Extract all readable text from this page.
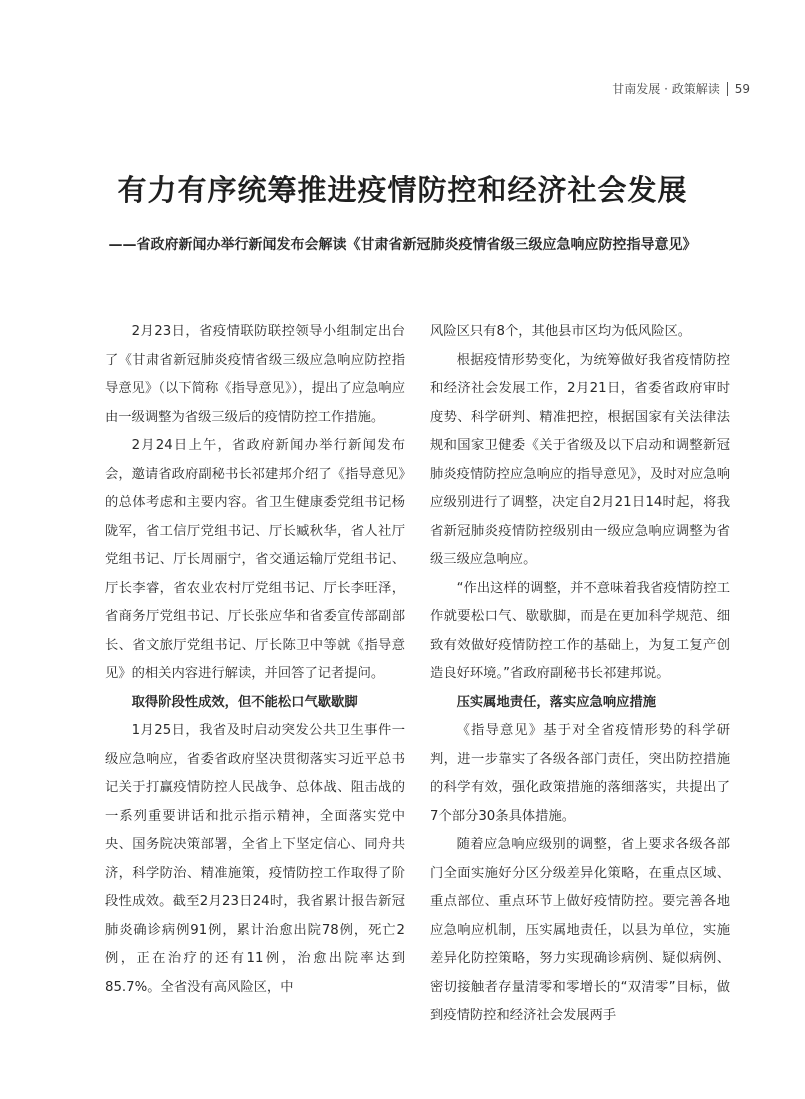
甘南发展 · 政策解读 59
有力有序统筹推进疫情防控和经济社会发展
——省政府新闻办举行新闻发布会解读《甘肃省新冠肺炎疫情省级三级应急响应防控指导意见》

2月23日，省疫情联防联控领导小组制定出台了《甘肃省新冠肺炎疫情省级三级应急响应防控指导意见》（以下简称《指导意见》），提出了应急响应由一级调整为省级三级后的疫情防控工作措施。

2月24日上午，省政府新闻办举行新闻发布会，邀请省政府副秘书长祁建邦介绍了《指导意见》的总体考虑和主要内容。省卫生健康委党组书记杨陇军，省工信厅党组书记、厅长臧秋华，省人社厅党组书记、厅长周丽宁，省交通运输厅党组书记、厅长李睿，省农业农村厅党组书记、厅长李旺泽，省商务厅党组书记、厅长张应华和省委宣传部副部长、省文旅厅党组书记、厅长陈卫中等就《指导意见》的相关内容进行解读，并回答了记者提问。

取得阶段性成效，但不能松口气歇歇脚

1月25日，我省及时启动突发公共卫生事件一级应急响应，省委省政府坚决贯彻落实习近平总书记关于打赢疫情防控人民战争、总体战、阻击战的一系列重要讲话和批示指示精神，全面落实党中央、国务院决策部署，全省上下坚定信心、同舟共济，科学防治、精准施策，疫情防控工作取得了阶段性成效。截至2月23日24时，我省累计报告新冠肺炎确诊病例91例，累计治愈出院78例，死亡2例，正在治疗的还有11例，治愈出院率达到85.7%。全省没有高风险区，中

风险区只有8个，其他县市区均为低风险区。

根据疫情形势变化，为统筹做好我省疫情防控和经济社会发展工作，2月21日，省委省政府审时度势、科学研判、精准把控，根据国家有关法律法规和国家卫健委《关于省级及以下启动和调整新冠肺炎疫情防控应急响应的指导意见》，及时对应急响应级别进行了调整，决定自2月21日14时起，将我省新冠肺炎疫情防控级别由一级应急响应调整为省级三级应急响应。

“作出这样的调整，并不意味着我省疫情防控工作就要松口气、歇歇脚，而是在更加科学规范、细致有效做好疫情防控工作的基础上，为复工复产创造良好环境。”省政府副秘书长祁建邦说。

压实属地责任，落实应急响应措施

《指导意见》基于对全省疫情形势的科学研判，进一步靠实了各级各部门责任，突出防控措施的科学有效，强化政策措施的落细落实，共提出了7个部分30条具体措施。

随着应急响应级别的调整，省上要求各级各部门全面实施好分区分级差异化策略，在重点区域、重点部位、重点环节上做好疫情防控。要完善各地应急响应机制，压实属地责任，以县为单位，实施差异化防控策略，努力实现确诊病例、疑似病例、密切接触者存量清零和零增长的“双清零”目标，做到疫情防控和经济社会发展两手
